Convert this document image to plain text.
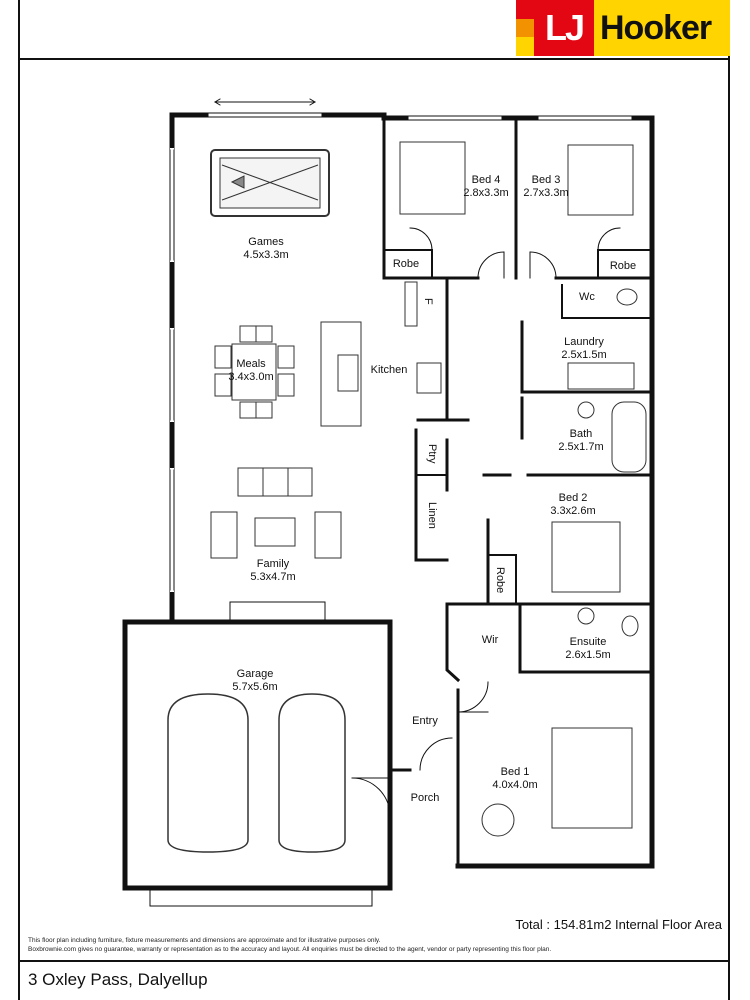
LJ Hooker
Games
4.5x3.3m
Meals
3.4x3.0m
Kitchen
Family
5.3x4.7m
Garage
5.7x5.6m
Bed 4
2.8x3.3m
Bed 3
2.7x3.3m
Robe	Robe
Wc
F
Laundry
2.5x1.5m
Bath
2.5x1.7m
Ptry
Linen
Bed 2
3.3x2.6m
Robe
Wir	Ensuite
2.6x1.5m
Entry
Porch
Bed 1
4.0x4.0m
Total : 154.81m2 Internal Floor Area
This floor plan including furniture, fixture measurements and dimensions are approximate and for illustrative purposes only.
Boxbrownie.com gives no guarantee, warranty or representation as to the accuracy and layout. All enquiries must be directed to the agent, vendor or party representing this floor plan.
3 Oxley Pass, Dalyellup
